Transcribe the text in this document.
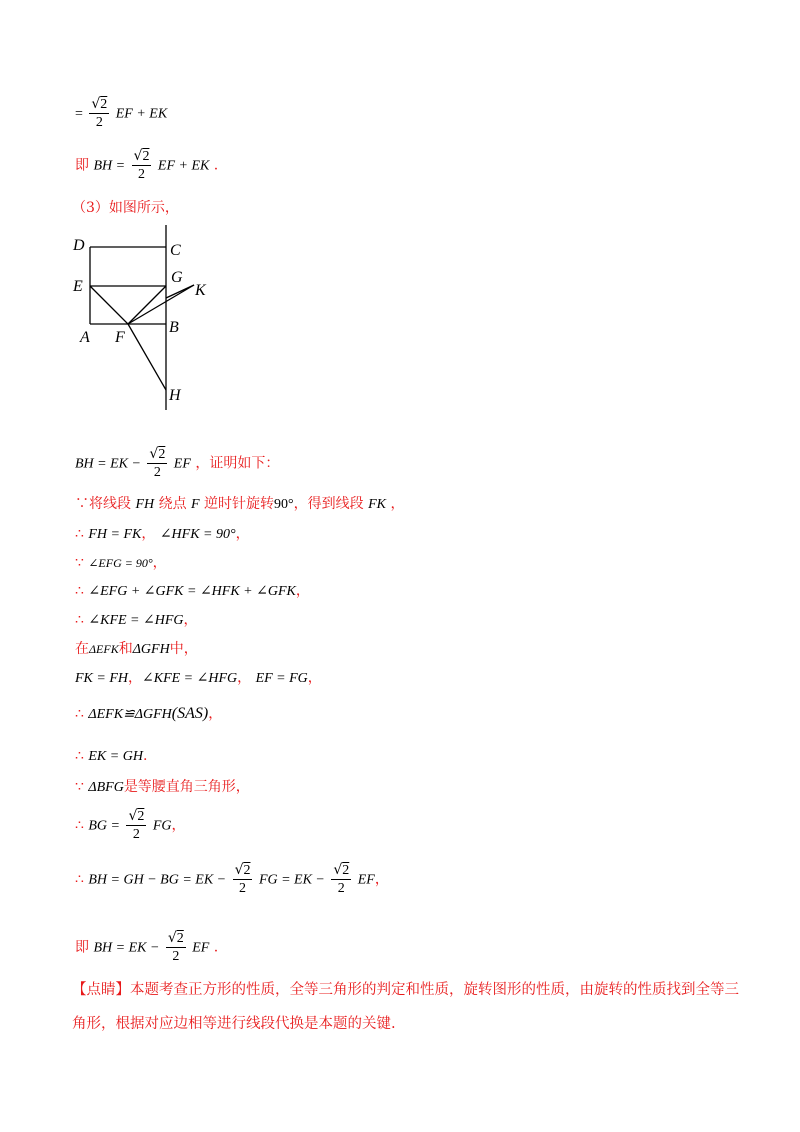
= $\frac{√2}{2}$ EF + EK
即 BH = $\frac{√2}{2}$ EF + EK .
（3）如图所示，
D	C
E
G
K
A F
B
H
BH = EK − $\frac{√2}{2}$ EF ，证明如下：
∵将线段 FH 绕点 F 逆时针旋转90°，得到线段 FK ，
∴ FH = FK， ∠HFK = 90°，
∵ ∠EFG = 90°，
∴ ∠EFG + ∠GFK = ∠HFK + ∠GFK，
∴ ∠KFE = ∠HFG，
在ΔEFK和ΔGFH中，
FK = FH，∠KFE = ∠HFG， EF = FG，
∴ ΔEFK≌ΔGFH(SAS)，
∴ EK = GH.
∵ ΔBFG是等腰直角三角形，
∴ BG = $\frac{√2}{2}$ FG，
∴ BH = GH − BG = EK − $\frac{√2}{2}$ FG = EK − $\frac{√2}{2}$ EF，
即 BH = EK − $\frac{√2}{2}$ EF .
【点睛】本题考查正方形的性质，全等三角形的判定和性质，旋转图形的性质，由旋转的性质找到全等三
角形，根据对应边相等进行线段代换是本题的关键.
